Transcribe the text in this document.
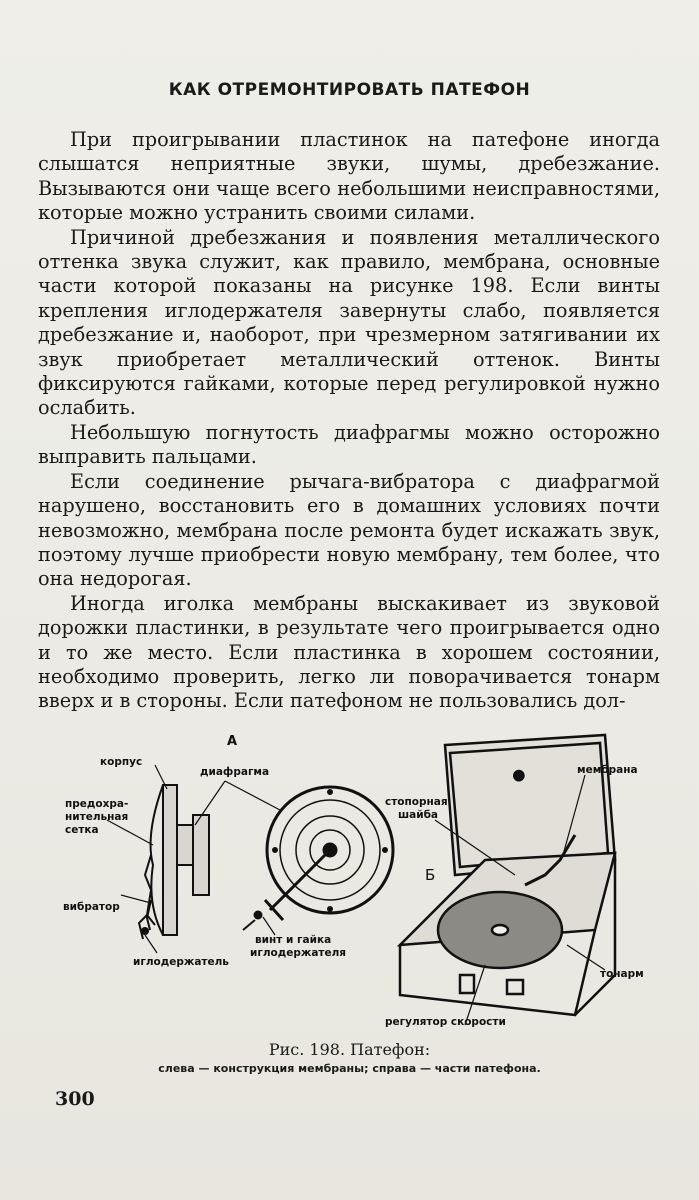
КАК ОТРЕМОНТИРОВАТЬ ПАТЕФОН

При проигрывании пластинок на патефоне иногда слышатся неприятные звуки, шумы, дребезжание. Вызываются они чаще всего небольшими неисправностями, которые можно устранить своими силами.

Причиной дребезжания и появления металлического оттенка звука служит, как правило, мембрана, основные части которой показаны на рисунке 198. Если винты крепления иглодержателя завернуты слабо, появляется дребезжание и, наоборот, при чрезмерном затягивании их звук приобретает металлический оттенок. Винты фиксируются гайками, которые перед регулировкой нужно ослабить.

Небольшую погнутость диафрагмы можно осторожно выправить пальцами.

Если соединение рычага-вибратора с диафрагмой нарушено, восстановить его в домашних условиях почти невозможно, мембрана после ремонта будет искажать звук, поэтому лучше приобрести новую мембрану, тем более, что она недорогая.

Иногда иголка мембраны выскакивает из звуковой дорожки пластинки, в результате чего проигрывается одно и то же место. Если пластинка в хорошем состоянии, необходимо проверить, легко ли поворачивается тонарм вверх и в стороны. Если патефоном не пользовались дол-

⊕
А
Б
корпус
диафрагма
предохра- нительная сетка
вибратор
иглодержатель
винт и гайка иглодержателя
стопорная шайба
мембрана
тонарм
регулятор скорости
Рис. 198. Патефон:
слева — конструкция мембраны; справа — части патефона.
300
